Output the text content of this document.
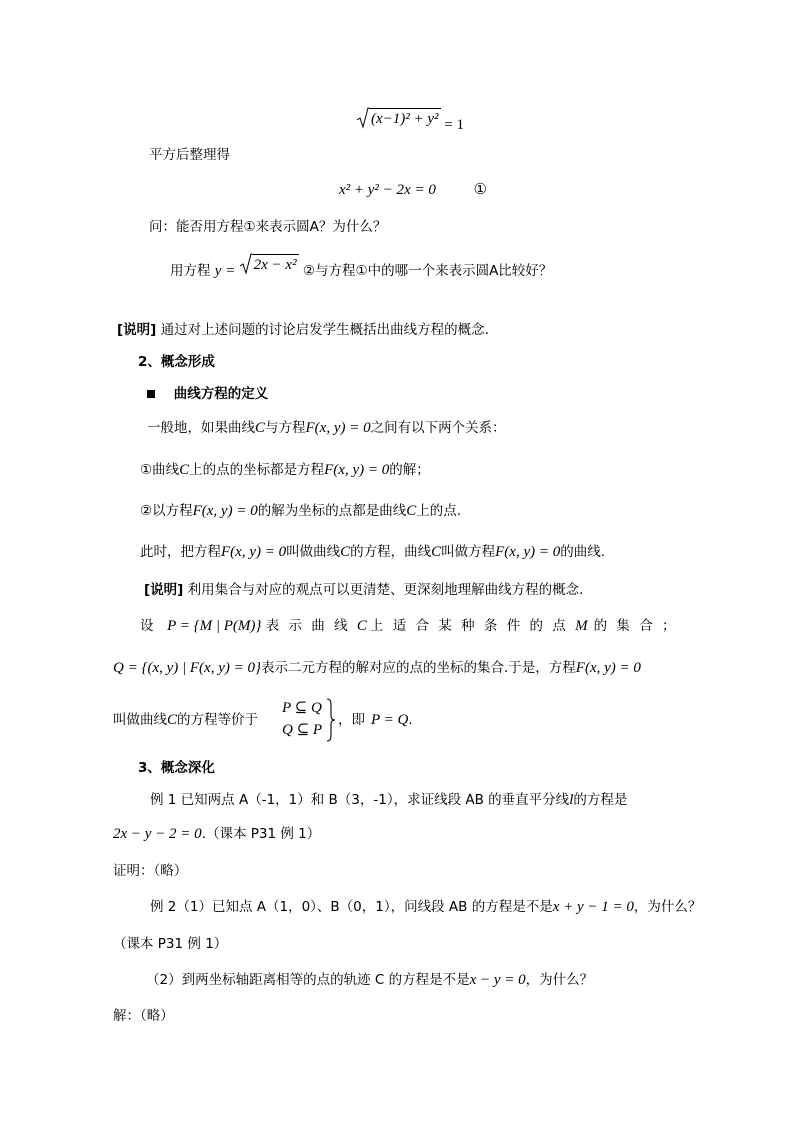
(x−1)² + y² = 1
平方后整理得
x² + y² − 2x = 0	①
问：能否用方程①来表示圆A？为什么？
用方程 y = 2x − x² ②与方程①中的哪一个来表示圆A比较好？
[说明] 通过对上述问题的讨论启发学生概括出曲线方程的概念.
2、概念形成
曲线方程的定义
一般地，如果曲线C与方程F(x, y) = 0之间有以下两个关系：
①曲线C上的点的坐标都是方程F(x, y) = 0的解；
②以方程F(x, y) = 0的解为坐标的点都是曲线C上的点.
此时，把方程F(x, y) = 0叫做曲线C的方程，曲线C叫做方程F(x, y) = 0的曲线.
[说明] 利用集合与对应的观点可以更清楚、更深刻地理解曲线方程的概念.
设 P = {M | P(M)} 表示曲线C 上适合某种条件的点M 的集合；
Q = {(x, y) | F(x, y) = 0}表示二元方程的解对应的点的坐标的集合.于是，方程F(x, y) = 0
叫做曲线C的方程等价于
P ⊆ Q
Q ⊆ P
，即 P = Q.
3、概念深化
例 1 已知两点 A（-1，1）和 B（3，-1），求证线段 AB 的垂直平分线l的方程是
2x − y − 2 = 0.（课本 P31 例 1）
证明：（略）
例 2（1）已知点 A（1，0）、B（0，1），问线段 AB 的方程是不是x + y − 1 = 0，为什么？
（课本 P31 例 1）
（2）到两坐标轴距离相等的点的轨迹 C 的方程是不是x − y = 0，为什么？
解：（略）
